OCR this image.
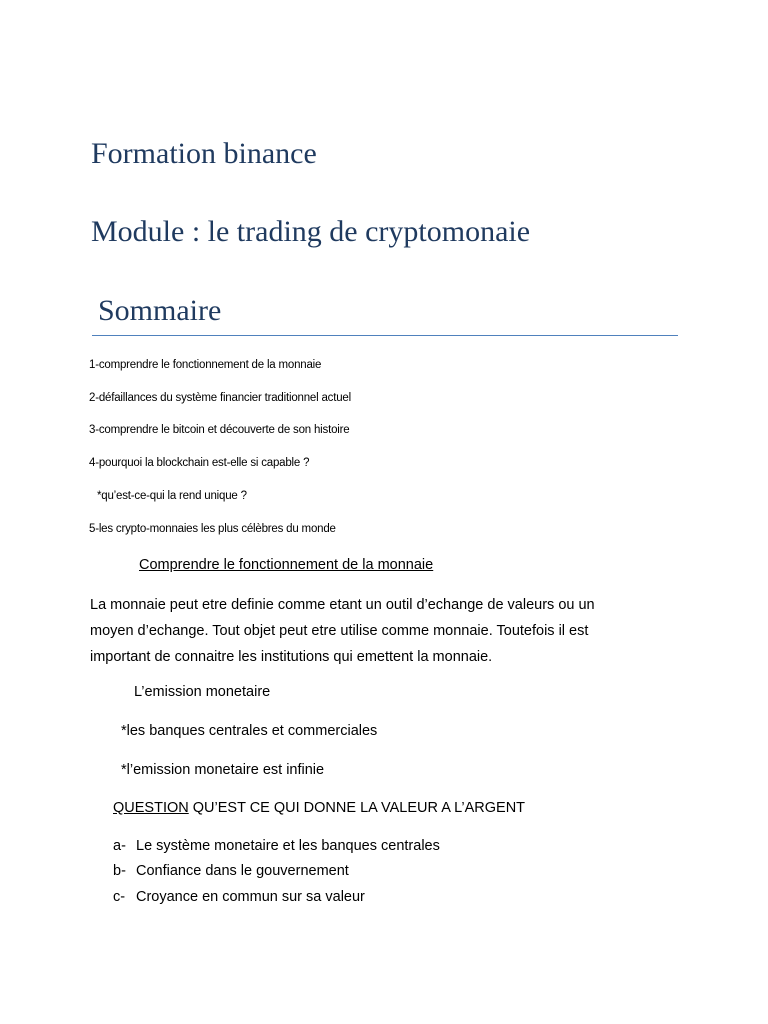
Formation binance
Module : le trading de cryptomonaie
Sommaire
1-comprendre le fonctionnement de la monnaie
2-défaillances du système financier traditionnel actuel
3-comprendre le bitcoin et découverte de son histoire
4-pourquoi la blockchain est-elle si capable ?
*qu’est-ce-qui la rend unique ?
5-les crypto-monnaies les plus célèbres du monde
Comprendre le fonctionnement de la monnaie
La monnaie peut etre definie comme etant un outil d’echange de valeurs ou un
moyen d’echange. Tout objet peut etre utilise comme monnaie. Toutefois il est
important de connaitre les institutions qui emettent la monnaie.
L’emission monetaire
*les banques centrales et commerciales
*l’emission monetaire est infinie
QUESTION QU’EST CE QUI DONNE LA VALEUR A L’ARGENT
a- Le système monetaire et les banques centrales
b- Confiance dans le gouvernement
c- Croyance en commun sur sa valeur
